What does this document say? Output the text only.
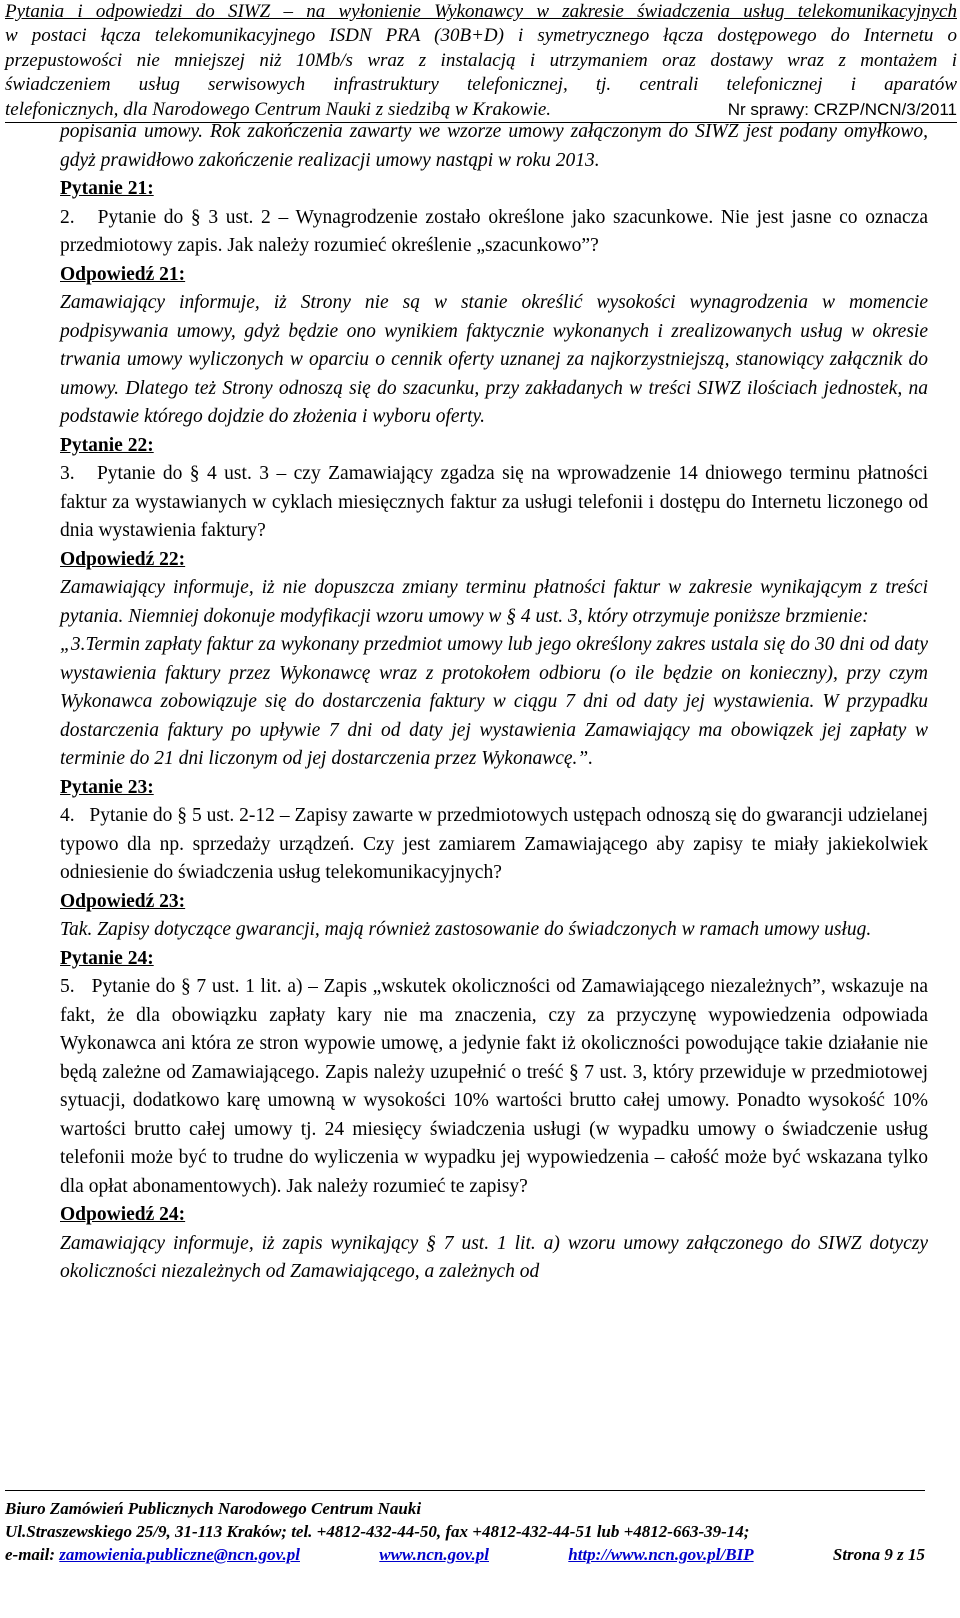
Pytania i odpowiedzi do SIWZ – na wyłonienie Wykonawcy w zakresie świadczenia usług telekomunikacyjnych
w postaci łącza telekomunikacyjnego ISDN PRA (30B+D) i symetrycznego łącza dostępowego do Internetu o
przepustowości nie mniejszej niż 10Mb/s wraz z instalacją i utrzymaniem oraz dostawy wraz z montażem i
świadczeniem usług serwisowych infrastruktury telefonicznej, tj. centrali telefonicznej i aparatów
telefonicznych, dla Narodowego Centrum Nauki z siedzibą w Krakowie.	Nr sprawy: CRZP/NCN/3/2011

popisania umowy. Rok zakończenia zawarty we wzorze umowy załączonym do SIWZ jest podany omyłkowo, gdyż prawidłowo zakończenie realizacji umowy nastąpi w roku 2013.

Pytanie 21:

2.   Pytanie do § 3 ust. 2 – Wynagrodzenie zostało określone jako szacunkowe. Nie jest jasne co oznacza przedmiotowy zapis. Jak należy rozumieć określenie „szacunkowo”?

Odpowiedź 21:

Zamawiający informuje, iż Strony nie są w stanie określić wysokości wynagrodzenia w momencie podpisywania umowy, gdyż będzie ono wynikiem faktycznie wykonanych i zrealizowanych usług w okresie trwania umowy wyliczonych w oparciu o cennik oferty uznanej za najkorzystniejszą, stanowiący załącznik do umowy. Dlatego też Strony odnoszą się do szacunku, przy zakładanych w treści SIWZ ilościach jednostek, na podstawie którego dojdzie do złożenia i wyboru oferty.

Pytanie 22:

3.   Pytanie do § 4 ust. 3 – czy Zamawiający zgadza się na wprowadzenie 14 dniowego terminu płatności faktur za wystawianych w cyklach miesięcznych faktur za usługi telefonii i dostępu do Internetu liczonego od dnia wystawienia faktury?

Odpowiedź 22:

Zamawiający informuje, iż nie dopuszcza zmiany terminu płatności faktur w zakresie wynikającym z treści pytania. Niemniej dokonuje modyfikacji wzoru umowy w § 4 ust. 3, który otrzymuje poniższe brzmienie:

„3.Termin zapłaty faktur za wykonany przedmiot umowy lub jego określony zakres ustala się do 30 dni od daty wystawienia faktury przez Wykonawcę wraz z protokołem odbioru (o ile będzie on konieczny), przy czym Wykonawca zobowiązuje się do dostarczenia faktury w ciągu 7 dni od daty jej wystawienia. W przypadku dostarczenia faktury po upływie 7 dni od daty jej wystawienia Zamawiający ma obowiązek jej zapłaty w terminie do 21 dni liczonym od jej dostarczenia przez Wykonawcę.”.

Pytanie 23:

4.   Pytanie do § 5 ust. 2-12 – Zapisy zawarte w przedmiotowych ustępach odnoszą się do gwarancji udzielanej typowo dla np. sprzedaży urządzeń. Czy jest zamiarem Zamawiającego aby zapisy te miały jakiekolwiek odniesienie do świadczenia usług telekomunikacyjnych?

Odpowiedź 23:

Tak. Zapisy dotyczące gwarancji, mają również zastosowanie do świadczonych w ramach umowy usług.

Pytanie 24:

5.   Pytanie do § 7 ust. 1 lit. a) – Zapis „wskutek okoliczności od Zamawiającego niezależnych”, wskazuje na fakt, że dla obowiązku zapłaty kary nie ma znaczenia, czy za przyczynę wypowiedzenia odpowiada Wykonawca ani która ze stron wypowie umowę, a jedynie fakt iż okoliczności powodujące takie działanie nie będą zależne od Zamawiającego. Zapis należy uzupełnić o treść § 7 ust. 3, który przewiduje w przedmiotowej sytuacji, dodatkowo karę umowną w wysokości 10% wartości brutto całej umowy. Ponadto wysokość 10% wartości brutto całej umowy tj. 24 miesięcy świadczenia usługi (w wypadku umowy o świadczenie usług telefonii może być to trudne do wyliczenia w wypadku jej wypowiedzenia – całość może być wskazana tylko dla opłat abonamentowych). Jak należy rozumieć te zapisy?

Odpowiedź 24:

Zamawiający informuje, iż zapis wynikający § 7 ust. 1 lit. a) wzoru umowy załączonego do SIWZ dotyczy okoliczności niezależnych od Zamawiającego, a zależnych od

Biuro Zamówień Publicznych Narodowego Centrum Nauki
Ul.Straszewskiego 25/9, 31-113 Kraków; tel. +4812-432-44-50, fax +4812-432-44-51 lub +4812-663-39-14;
e-mail: zamowienia.publiczne@ncn.gov.pl	www.ncn.gov.pl	http://www.ncn.gov.pl/BIP	Strona 9 z 15
